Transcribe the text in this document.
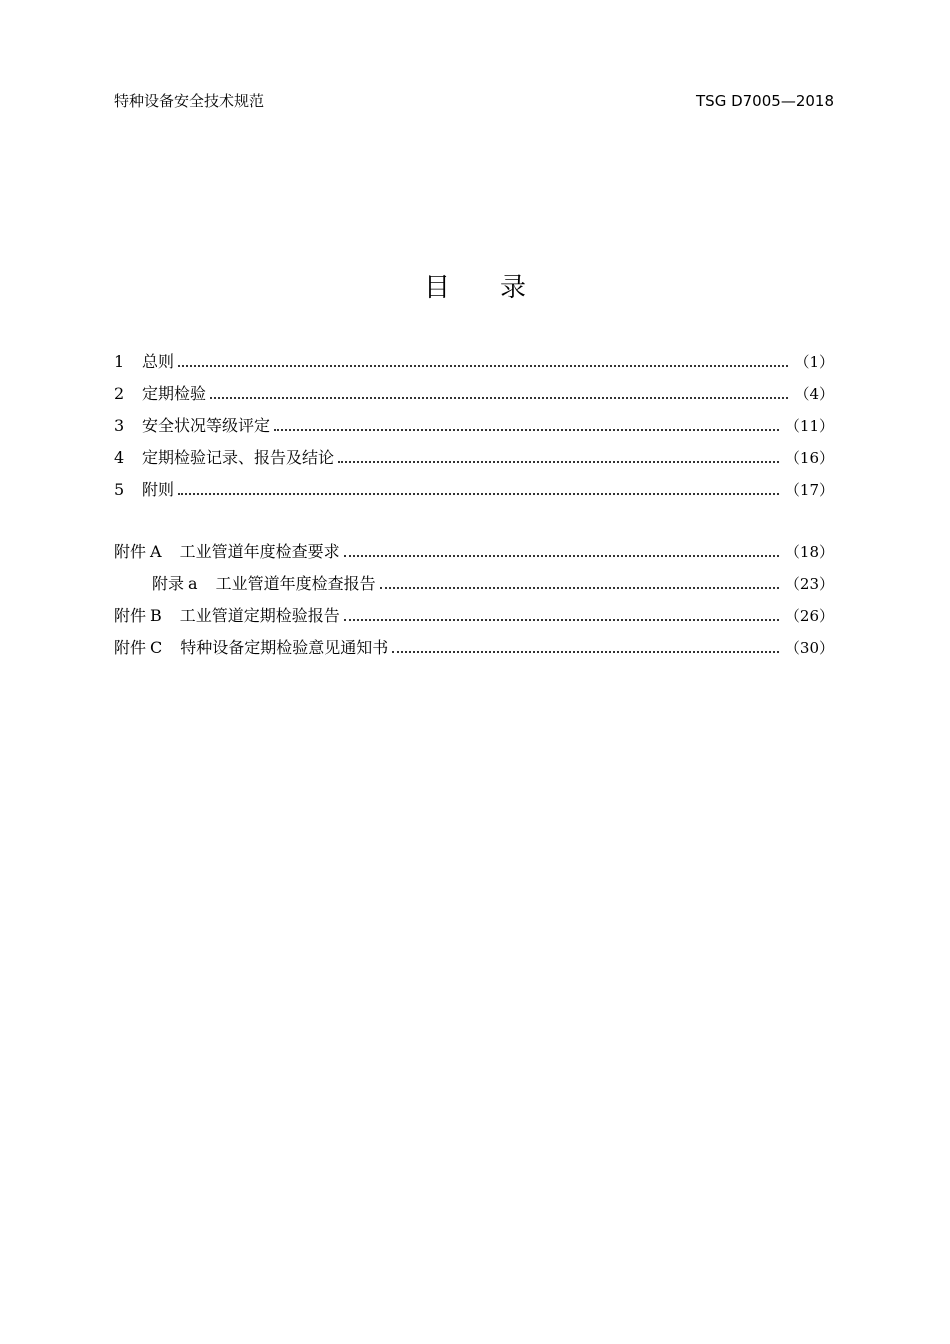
特种设备安全技术规范	TSG D7005—2018
目录
1	总则	（1）
2	定期检验	（4）
3	安全状况等级评定	（11）
4	定期检验记录、报告及结论	（16）
5	附则	（17）
附件 A 工业管道年度检查要求	（18）
附录 a 工业管道年度检查报告	（23）
附件 B 工业管道定期检验报告	（26）
附件 C 特种设备定期检验意见通知书	（30）
